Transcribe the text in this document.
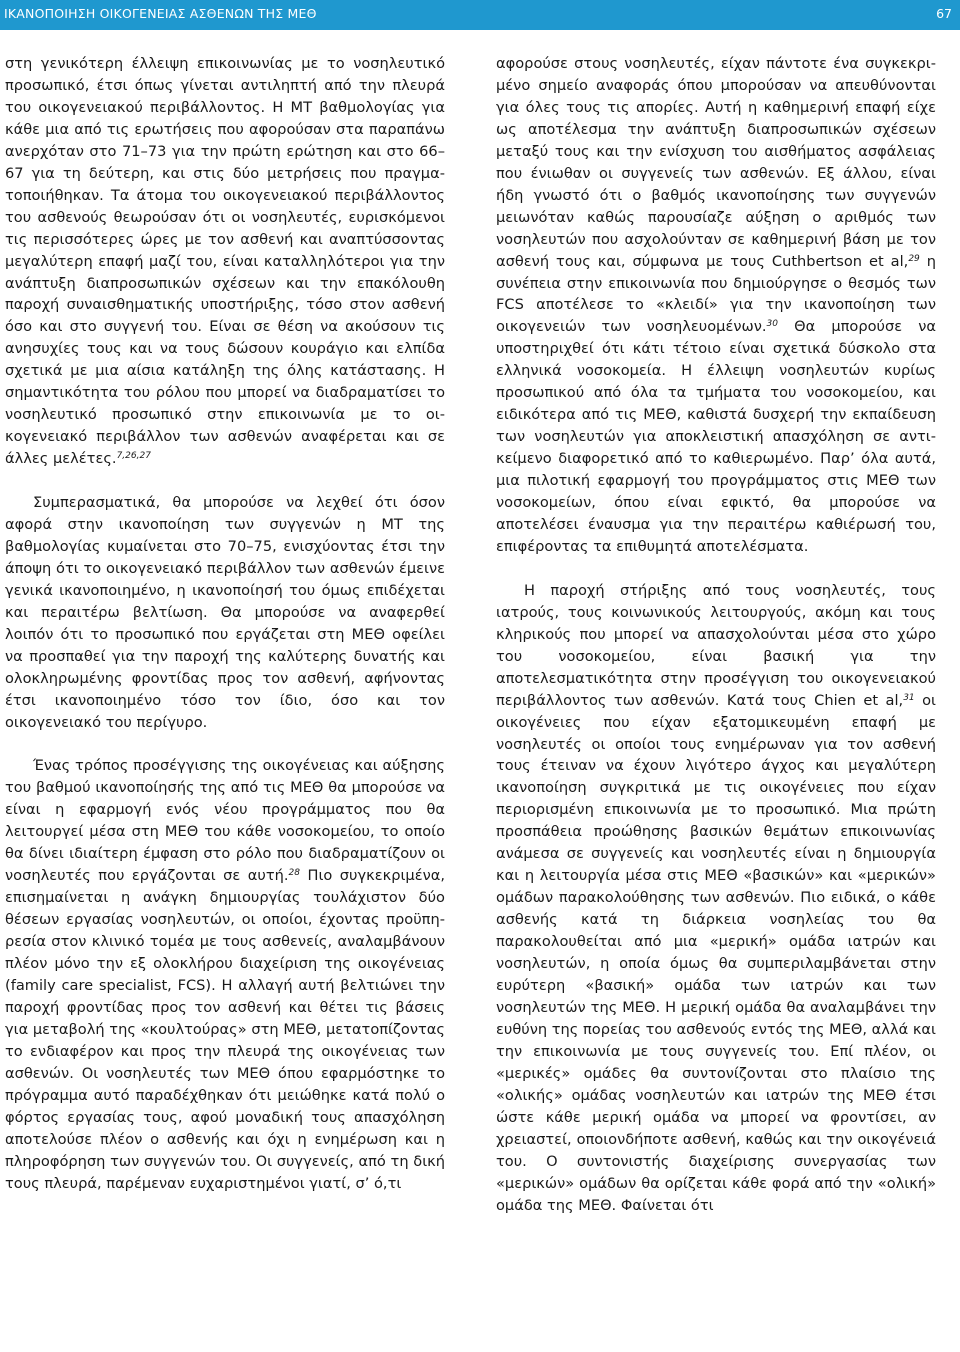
ΙΚΑΝΟΠΟΙΗΣΗ ΟΙΚΟΓΕΝΕΙΑΣ ΑΣΘΕΝΩΝ ΤΗΣ ΜΕΘ	67

στη γενικότερη έλλειψη επικοινωνίας με το νοσηλευτικό προσωπικό, έτσι όπως γίνεται αντιληπτή από την πλευρά του οικογενειακού περιβάλλοντος. Η ΜΤ βαθμολογίας για κάθε μια από τις ερωτήσεις που αφορούσαν στα παραπάνω ανερχόταν στο 71–73 για την πρώτη ερώτηση και στο 66–67 για τη δεύτερη, και στις δύο μετρήσεις που πραγματοποιήθηκαν. Τα άτομα του οικογενειακού περιβάλλοντος του ασθενούς θεωρούσαν ότι οι νοσηλευτές, ευρισκόμενοι τις περισσότερες ώρες με τον ασθενή και αναπτύσσοντας μεγαλύτερη επαφή μαζί του, είναι καταλληλότεροι για την ανάπτυξη διαπροσωπικών σχέσεων και την επακόλουθη παροχή συναισθηματικής υποστήριξης, τόσο στον ασθενή όσο και στο συγγενή του. Είναι σε θέση να ακούσουν τις ανησυχίες τους και να τους δώσουν κουράγιο και ελπίδα σχετικά με μια αίσια κατάληξη της όλης κατάστασης. Η σημαντικότητα του ρόλου που μπορεί να διαδραματίσει το νοσηλευτικό προσωπικό στην επικοινωνία με το οικογενειακό περιβάλλον των ασθενών αναφέρεται και σε άλλες μελέτες.$^{7,26,27}$

Συμπερασματικά, θα μπορούσε να λεχθεί ότι όσον αφορά στην ικανοποίηση των συγγενών η ΜΤ της βαθμολογίας κυμαίνεται στο 70–75, ενισχύοντας έτσι την άποψη ότι το οικογενειακό περιβάλλον των ασθενών έμεινε γενικά ικανοποιημένο, η ικανοποίησή του όμως επιδέχεται και περαιτέρω βελτίωση. Θα μπορούσε να αναφερθεί λοιπόν ότι το προσωπικό που εργάζεται στη ΜΕΘ οφείλει να προσπαθεί για την παροχή της καλύτερης δυνατής και ολοκληρωμένης φροντίδας προς τον ασθενή, αφήνοντας έτσι ικανοποιημένο τόσο τον ίδιο, όσο και τον οικογενειακό του περίγυρο.

Ένας τρόπος προσέγγισης της οικογένειας και αύξησης του βαθμού ικανοποίησής της από τις ΜΕΘ θα μπορούσε να είναι η εφαρμογή ενός νέου προγράμματος που θα λειτουργεί μέσα στη ΜΕΘ του κάθε νοσοκομείου, το οποίο θα δίνει ιδιαίτερη έμφαση στο ρόλο που διαδραματίζουν οι νοσηλευτές που εργάζονται σε αυτή.$^{28}$ Πιο συγκεκριμένα, επισημαίνεται η ανάγκη δημιουργίας τουλάχιστον δύο θέσεων εργασίας νοσηλευτών, οι οποίοι, έχοντας προϋπηρεσία στον κλινικό τομέα με τους ασθενείς, αναλαμβάνουν πλέον μόνο την εξ ολοκλήρου διαχείριση της οικογένειας (family care specialist, FCS). Η αλλαγή αυτή βελτιώνει την παροχή φροντίδας προς τον ασθενή και θέτει τις βάσεις για μεταβολή της «κουλτούρας» στη ΜΕΘ, μετατοπίζοντας το ενδιαφέρον και προς την πλευρά της οικογένειας των ασθενών. Οι νοσηλευτές των ΜΕΘ όπου εφαρμόστηκε το πρόγραμμα αυτό παραδέχθηκαν ότι μειώθηκε κατά πολύ ο φόρτος εργασίας τους, αφού μοναδική τους απασχόληση αποτελούσε πλέον ο ασθενής και όχι η ενημέρωση και η πληροφόρηση των συγγενών του. Οι συγγενείς, από τη δική τους πλευρά, παρέμεναν ευχαριστημένοι γιατί, σ’ ό,τι

αφορούσε στους νοσηλευτές, είχαν πάντοτε ένα συγκεκριμένο σημείο αναφοράς όπου μπορούσαν να απευθύνονται για όλες τους τις απορίες. Αυτή η καθημερινή επαφή είχε ως αποτέλεσμα την ανάπτυξη διαπροσωπικών σχέσεων μεταξύ τους και την ενίσχυση του αισθήματος ασφάλειας που ένιωθαν οι συγγενείς των ασθενών. Εξ άλλου, είναι ήδη γνωστό ότι ο βαθμός ικανοποίησης των συγγενών μειωνόταν καθώς παρουσίαζε αύξηση ο αριθμός των νοσηλευτών που ασχολούνταν σε καθημερινή βάση με τον ασθενή τους και, σύμφωνα με τους Cuthbertson et al,$^{29}$ η συνέπεια στην επικοινωνία που δημιούργησε ο θεσμός των FCS αποτέλεσε το «κλειδί» για την ικανοποίηση των οικογενειών των νοσηλευομένων.$^{30}$ Θα μπορούσε να υποστηριχθεί ότι κάτι τέτοιο είναι σχετικά δύσκολο στα ελληνικά νοσοκομεία. Η έλλειψη νοσηλευτών κυρίως προσωπικού από όλα τα τμήματα του νοσοκομείου, και ειδικότερα από τις ΜΕΘ, καθιστά δυσχερή την εκπαίδευση των νοσηλευτών για αποκλειστική απασχόληση σε αντικείμενο διαφορετικό από το καθιερωμένο. Παρ’ όλα αυτά, μια πιλοτική εφαρμογή του προγράμματος στις ΜΕΘ των νοσοκομείων, όπου είναι εφικτό, θα μπορούσε να αποτελέσει έναυσμα για την περαιτέρω καθιέρωσή του, επιφέροντας τα επιθυμητά αποτελέσματα.

Η παροχή στήριξης από τους νοσηλευτές, τους ιατρούς, τους κοινωνικούς λειτουργούς, ακόμη και τους κληρικούς που μπορεί να απασχολούνται μέσα στο χώρο του νοσοκομείου, είναι βασική για την αποτελεσματικότητα στην προσέγγιση του οικογενειακού περιβάλλοντος των ασθενών. Κατά τους Chien et al,$^{31}$ οι οικογένειες που είχαν εξατομικευμένη επαφή με νοσηλευτές οι οποίοι τους ενημέρωναν για τον ασθενή τους έτειναν να έχουν λιγότερο άγχος και μεγαλύτερη ικανοποίηση συγκριτικά με τις οικογένειες που είχαν περιορισμένη επικοινωνία με το προσωπικό. Μια πρώτη προσπάθεια προώθησης βασικών θεμάτων επικοινωνίας ανάμεσα σε συγγενείς και νοσηλευτές είναι η δημιουργία και η λειτουργία μέσα στις ΜΕΘ «βασικών» και «μερικών» ομάδων παρακολούθησης των ασθενών. Πιο ειδικά, ο κάθε ασθενής κατά τη διάρκεια νοσηλείας του θα παρακολουθείται από μια «μερική» ομάδα ιατρών και νοσηλευτών, η οποία όμως θα συμπεριλαμβάνεται στην ευρύτερη «βασική» ομάδα των ιατρών και των νοσηλευτών της ΜΕΘ. Η μερική ομάδα θα αναλαμβάνει την ευθύνη της πορείας του ασθενούς εντός της ΜΕΘ, αλλά και την επικοινωνία με τους συγγενείς του. Επί πλέον, οι «μερικές» ομάδες θα συντονίζονται στο πλαίσιο της «ολικής» ομάδας νοσηλευτών και ιατρών της ΜΕΘ έτσι ώστε κάθε μερική ομάδα να μπορεί να φροντίσει, αν χρειαστεί, οποιονδήποτε ασθενή, καθώς και την οικογένειά του. Ο συντονιστής διαχείρισης συνεργασίας των «μερικών» ομάδων θα ορίζεται κάθε φορά από την «ολική» ομάδα της ΜΕΘ. Φαίνεται ότι
